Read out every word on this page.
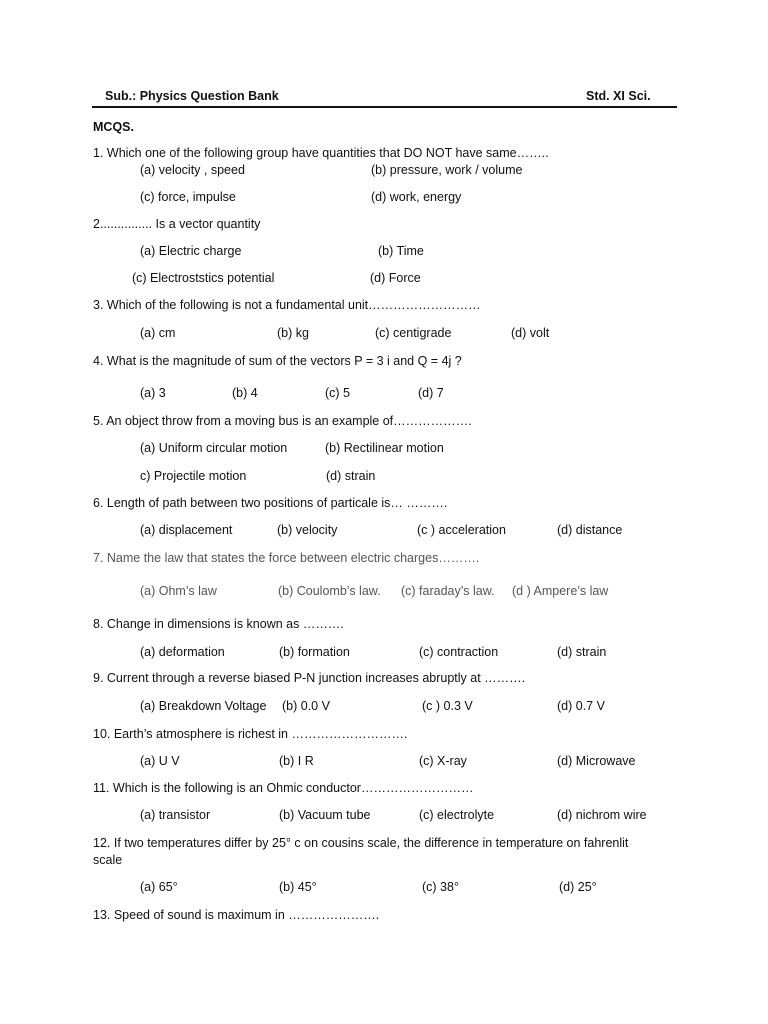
Sub.: Physics Question Bank	Std. XI Sci.
MCQS.
1. Which one of the following group have quantities that DO NOT have same……..
(a) velocity , speed	(b) pressure, work / volume
(c) force, impulse	(d) work, energy
2............... Is a vector quantity
(a) Electric charge	(b) Time
(c) Electroststics potential	(d) Force
3. Which of the following is not a fundamental unit………………………
(a) cm	(b) kg	(c) centigrade	(d) volt
4. What is the magnitude of sum of the vectors P = 3 i and Q = 4j ?
(a) 3	(b) 4	(c) 5	(d) 7
5. An object throw from a moving bus is an example of……………….
(a) Uniform circular motion	(b) Rectilinear motion
c) Projectile motion	(d) strain
6. Length of path between two positions of particale is… ……….
(a) displacement	(b) velocity	(c ) acceleration	(d) distance
7. Name the law that states the force between electric charges……….
(a) Ohm’s law	(b) Coulomb’s law. (c) faraday’s law. (d ) Ampere’s law
8. Change in dimensions is known as ……….
(a) deformation	(b) formation	(c) contraction	(d) strain
9. Current through a reverse biased P-N junction increases abruptly at ……….
(a) Breakdown Voltage (b) 0.0 V	(c ) 0.3 V	(d) 0.7 V
10. Earth’s atmosphere is richest in ……………………….
(a) U V	(b) I R	(c) X-ray	(d) Microwave
11. Which is the following is an Ohmic conductor………………………
(a) transistor	(b) Vacuum tube	(c) electrolyte	(d) nichrom wire
12. If two temperatures differ by 25° c on cousins scale, the difference in temperature on fahrenlit
scale
(a) 65°	(b) 45°	(c) 38°	(d) 25°
13. Speed of sound is maximum in ………………….
